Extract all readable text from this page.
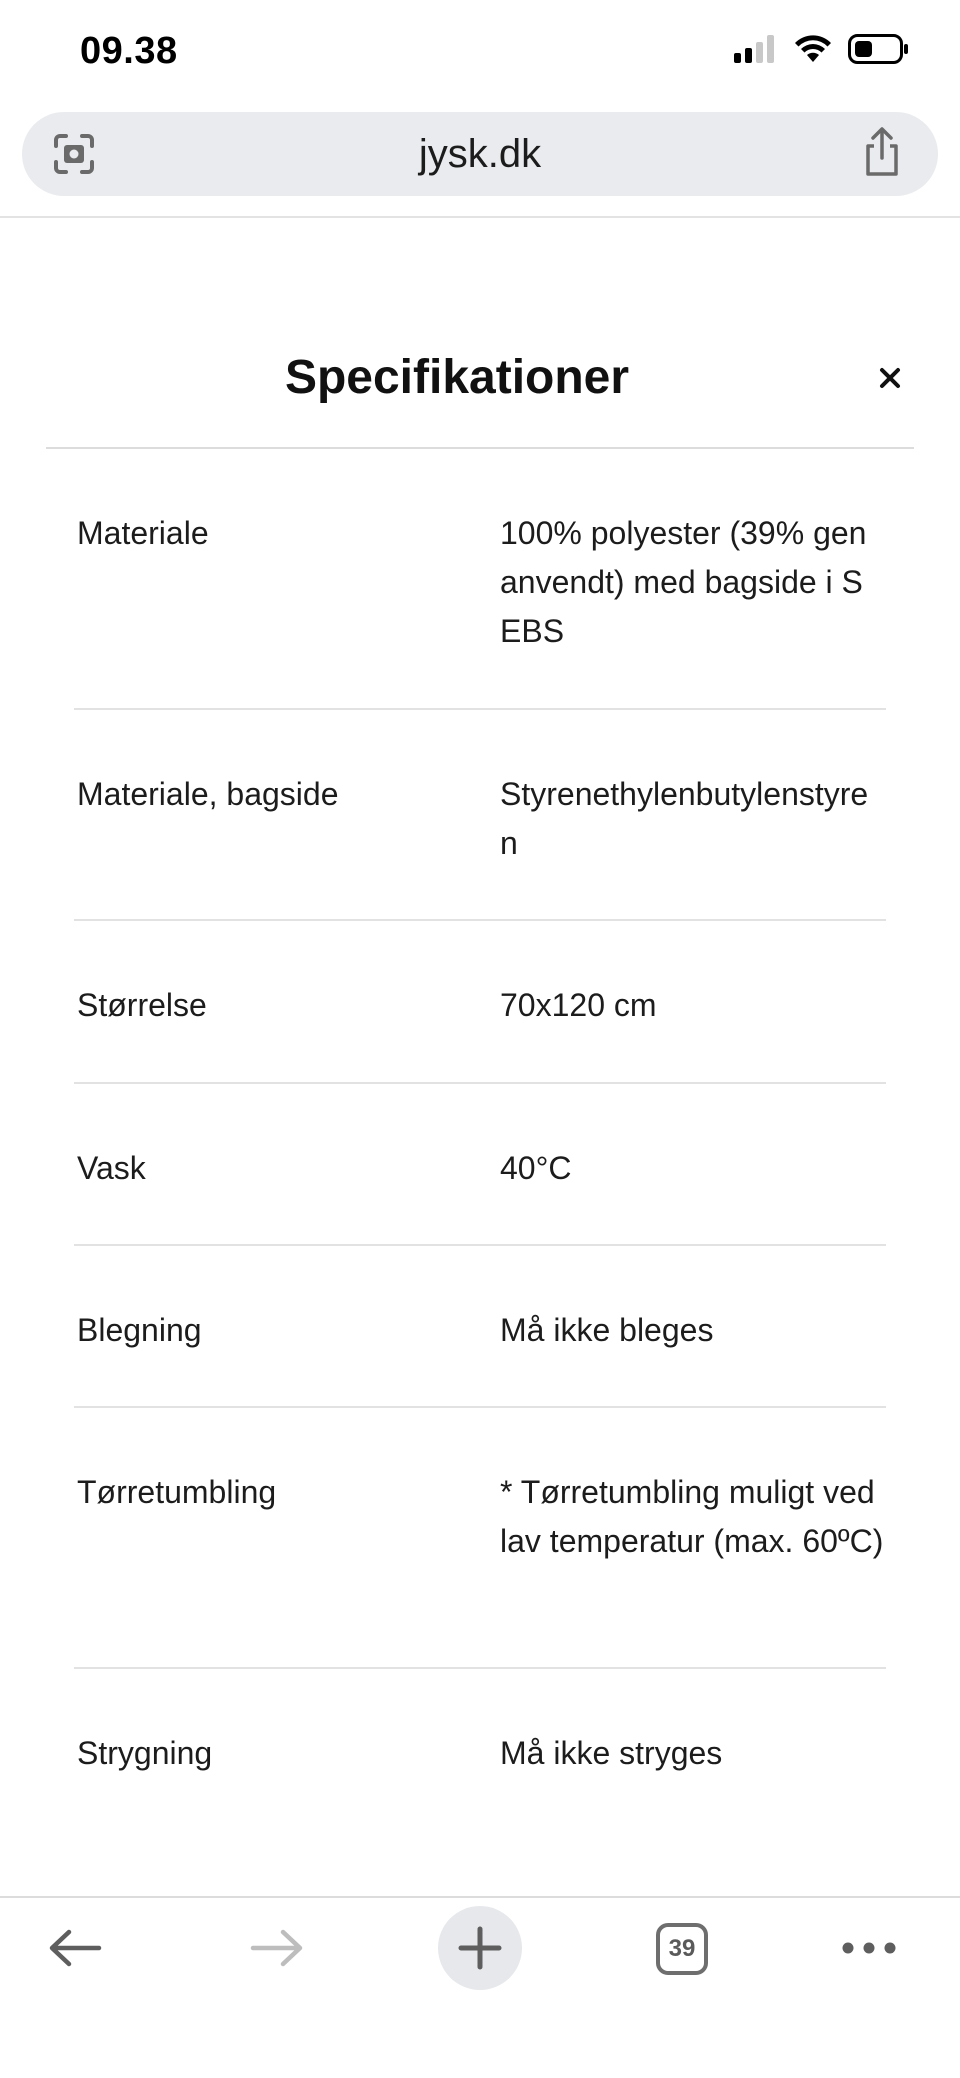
09.38
jysk.dk
Specifikationer
Materiale	100% polyester (39% genanvendt) med bagside i SEBS
Materiale, bagside	Styrenethylenbutylenstyren
Størrelse	70x120 cm
Vask	40°C
Blegning	Må ikke bleges
Tørretumbling	* Tørretumbling muligt ved lav temperatur (max. 60ºC)
Strygning	Må ikke stryges
39
